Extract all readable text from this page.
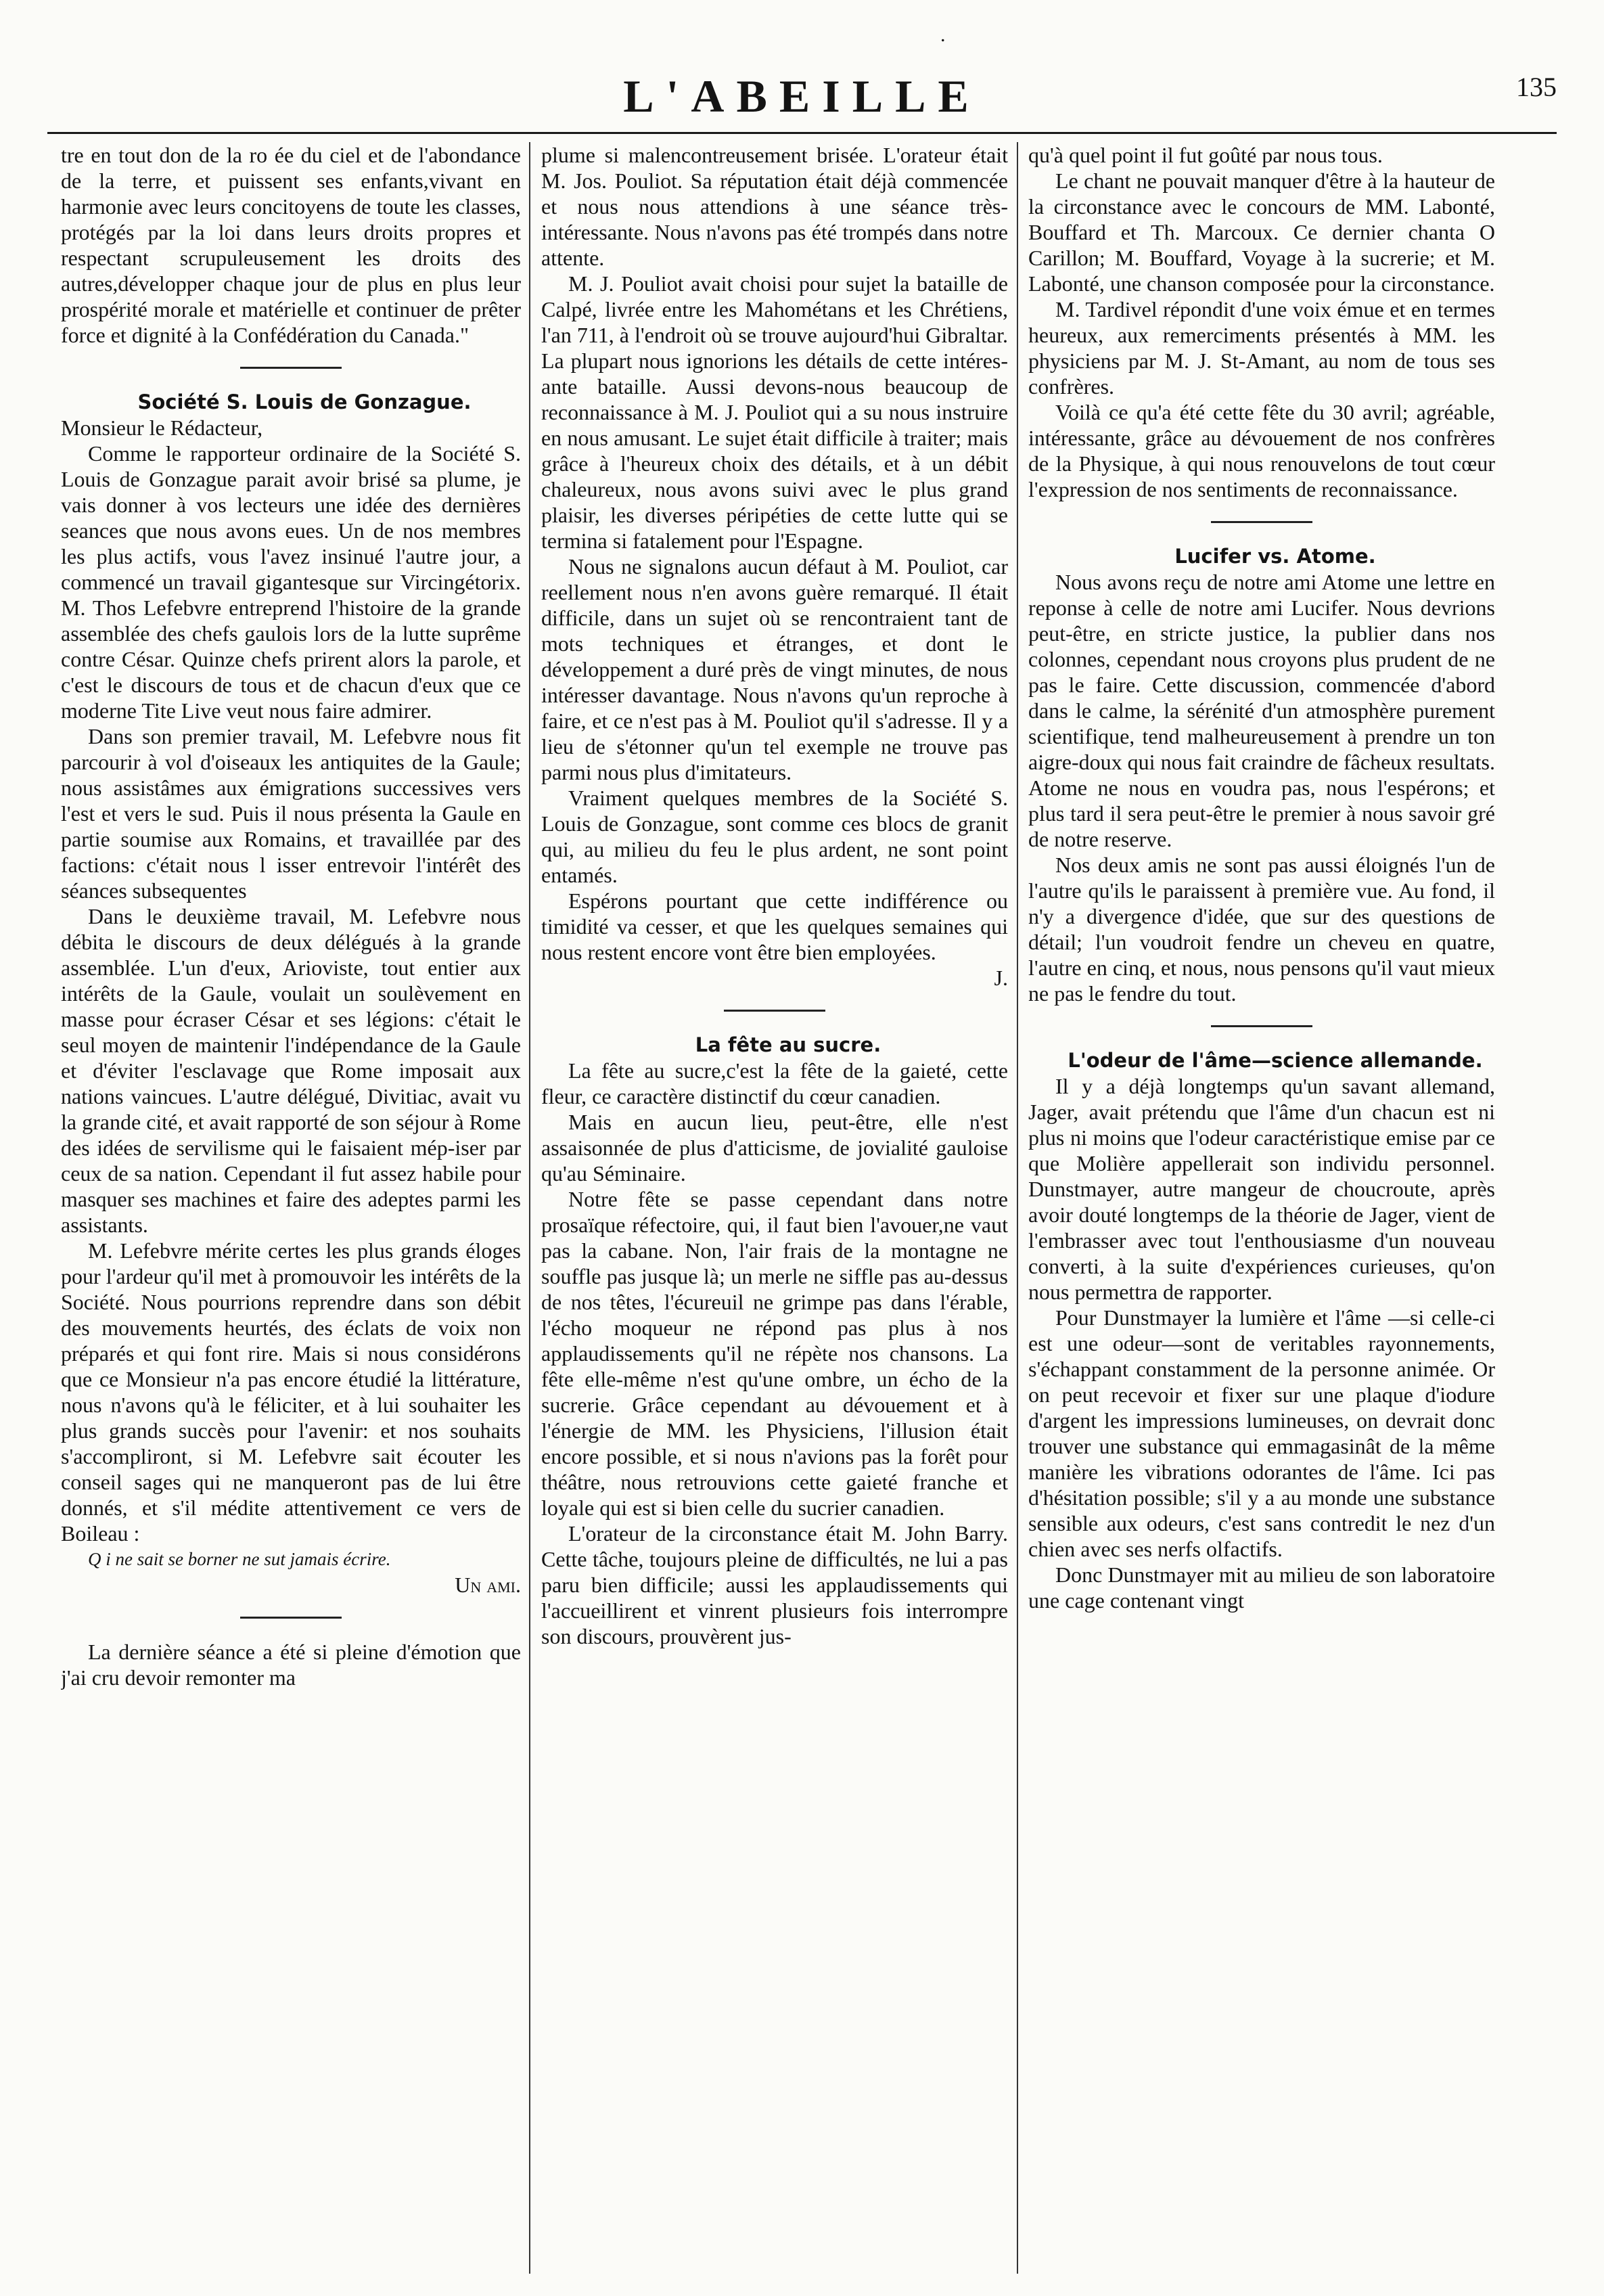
.
L'ABEILLE	135

tre en tout don de la ro ée du ciel et de l'abondance de la terre, et puissent ses enfants,vivant en harmonie avec leurs concitoyens de toute les classes, protégés par la loi dans leurs droits propres et respectant scrupuleusement les droits des autres,développer chaque jour de plus en plus leur prospérité morale et matérielle et continuer de prêter force et dignité à la Confédération du Canada."

Société S. Louis de Gonzague.

Monsieur le Rédacteur,

Comme le rapporteur ordinaire de la Société S. Louis de Gonzague parait avoir brisé sa plume, je vais donner à vos lecteurs une idée des dernières seances que nous avons eues. Un de nos membres les plus actifs, vous l'avez insinué l'autre jour, a commencé un travail gigantesque sur Vircingétorix. M. Thos Lefebvre entreprend l'histoire de la grande assemblée des chefs gaulois lors de la lutte suprême contre César. Quinze chefs prirent alors la parole, et c'est le discours de tous et de chacun d'eux que ce moderne Tite Live veut nous faire admirer.

Dans son premier travail, M. Lefebvre nous fit parcourir à vol d'oiseaux les antiquites de la Gaule; nous assistâmes aux émigrations successives vers l'est et vers le sud. Puis il nous présenta la Gaule en partie soumise aux Romains, et travaillée par des factions: c'était nous l isser entrevoir l'intérêt des séances subsequentes

Dans le deuxième travail, M. Lefebvre nous débita le discours de deux délégués à la grande assemblée. L'un d'eux, Arioviste, tout entier aux intérêts de la Gaule, voulait un soulèvement en masse pour écraser César et ses légions: c'était le seul moyen de maintenir l'indépendance de la Gaule et d'éviter l'esclavage que Rome imposait aux nations vaincues. L'autre délégué, Divitiac, avait vu la grande cité, et avait rapporté de son séjour à Rome des idées de servilisme qui le faisaient mép-iser par ceux de sa nation. Cependant il fut assez habile pour masquer ses machines et faire des adeptes parmi les assistants.

M. Lefebvre mérite certes les plus grands éloges pour l'ardeur qu'il met à promouvoir les intérêts de la Société. Nous pourrions reprendre dans son débit des mouvements heurtés, des éclats de voix non préparés et qui font rire. Mais si nous considérons que ce Monsieur n'a pas encore étudié la littérature, nous n'avons qu'à le féliciter, et à lui souhaiter les plus grands succès pour l'avenir: et nos souhaits s'accompliront, si M. Lefebvre sait écouter les conseil sages qui ne manqueront pas de lui être donnés, et s'il médite attentivement ce vers de Boileau :

Q i ne sait se borner ne sut jamais écrire.

Un ami.

La dernière séance a été si pleine d'émotion que j'ai cru devoir remonter ma

plume si malencontreusement brisée. L'orateur était M. Jos. Pouliot. Sa réputation était déjà commencée et nous nous attendions à une séance très-intéressante. Nous n'avons pas été trompés dans notre attente.

M. J. Pouliot avait choisi pour sujet la bataille de Calpé, livrée entre les Mahométans et les Chrétiens, l'an 711, à l'endroit où se trouve aujourd'hui Gibraltar. La plupart nous ignorions les détails de cette intéres-ante bataille. Aussi devons-nous beaucoup de reconnaissance à M. J. Pouliot qui a su nous instruire en nous amusant. Le sujet était difficile à traiter; mais grâce à l'heureux choix des détails, et à un débit chaleureux, nous avons suivi avec le plus grand plaisir, les diverses péripéties de cette lutte qui se termina si fatalement pour l'Espagne.

Nous ne signalons aucun défaut à M. Pouliot, car reellement nous n'en avons guère remarqué. Il était difficile, dans un sujet où se rencontraient tant de mots techniques et étranges, et dont le développement a duré près de vingt minutes, de nous intéresser davantage. Nous n'avons qu'un reproche à faire, et ce n'est pas à M. Pouliot qu'il s'adresse. Il y a lieu de s'étonner qu'un tel exemple ne trouve pas parmi nous plus d'imitateurs.

Vraiment quelques membres de la Société S. Louis de Gonzague, sont comme ces blocs de granit qui, au milieu du feu le plus ardent, ne sont point entamés.

Espérons pourtant que cette indifférence ou timidité va cesser, et que les quelques semaines qui nous restent encore vont être bien employées.

J.

La fête au sucre.

La fête au sucre,c'est la fête de la gaieté, cette fleur, ce caractère distinctif du cœur canadien.

Mais en aucun lieu, peut-être, elle n'est assaisonnée de plus d'atticisme, de jovialité gauloise qu'au Séminaire.

Notre fête se passe cependant dans notre prosaïque réfectoire, qui, il faut bien l'avouer,ne vaut pas la cabane. Non, l'air frais de la montagne ne souffle pas jusque là; un merle ne siffle pas au-dessus de nos têtes, l'écureuil ne grimpe pas dans l'érable, l'écho moqueur ne répond pas plus à nos applaudissements qu'il ne répète nos chansons. La fête elle-même n'est qu'une ombre, un écho de la sucrerie. Grâce cependant au dévouement et à l'énergie de MM. les Physiciens, l'illusion était encore possible, et si nous n'avions pas la forêt pour théâtre, nous retrouvions cette gaieté franche et loyale qui est si bien celle du sucrier canadien.

L'orateur de la circonstance était M. John Barry. Cette tâche, toujours pleine de difficultés, ne lui a pas paru bien difficile; aussi les applaudissements qui l'accueillirent et vinrent plusieurs fois interrompre son discours, prouvèrent jus-

qu'à quel point il fut goûté par nous tous.

Le chant ne pouvait manquer d'être à la hauteur de la circonstance avec le concours de MM. Labonté, Bouffard et Th. Marcoux. Ce dernier chanta O Carillon; M. Bouffard, Voyage à la sucrerie; et M. Labonté, une chanson composée pour la circonstance.

M. Tardivel répondit d'une voix émue et en termes heureux, aux remerciments présentés à MM. les physiciens par M. J. St-Amant, au nom de tous ses confrères.

Voilà ce qu'a été cette fête du 30 avril; agréable, intéressante, grâce au dévouement de nos confrères de la Physique, à qui nous renouvelons de tout cœur l'expression de nos sentiments de reconnaissance.

Lucifer vs. Atome.

Nous avons reçu de notre ami Atome une lettre en reponse à celle de notre ami Lucifer. Nous devrions peut-être, en stricte justice, la publier dans nos colonnes, cependant nous croyons plus prudent de ne pas le faire. Cette discussion, commencée d'abord dans le calme, la sérénité d'un atmosphère purement scientifique, tend malheureusement à prendre un ton aigre-doux qui nous fait craindre de fâcheux resultats. Atome ne nous en voudra pas, nous l'espérons; et plus tard il sera peut-être le premier à nous savoir gré de notre reserve.

Nos deux amis ne sont pas aussi éloignés l'un de l'autre qu'ils le paraissent à première vue. Au fond, il n'y a divergence d'idée, que sur des questions de détail; l'un voudroit fendre un cheveu en quatre, l'autre en cinq, et nous, nous pensons qu'il vaut mieux ne pas le fendre du tout.

L'odeur de l'âme—science allemande.

Il y a déjà longtemps qu'un savant allemand, Jager, avait prétendu que l'âme d'un chacun est ni plus ni moins que l'odeur caractéristique emise par ce que Molière appellerait son individu personnel. Dunstmayer, autre mangeur de choucroute, après avoir douté longtemps de la théorie de Jager, vient de l'embrasser avec tout l'enthousiasme d'un nouveau converti, à la suite d'expériences curieuses, qu'on nous permettra de rapporter.

Pour Dunstmayer la lumière et l'âme —si celle-ci est une odeur—sont de veritables rayonnements, s'échappant constamment de la personne animée. Or on peut recevoir et fixer sur une plaque d'iodure d'argent les impressions lumineuses, on devrait donc trouver une substance qui emmagasinât de la même manière les vibrations odorantes de l'âme. Ici pas d'hésitation possible; s'il y a au monde une substance sensible aux odeurs, c'est sans contredit le nez d'un chien avec ses nerfs olfactifs.

Donc Dunstmayer mit au milieu de son laboratoire une cage contenant vingt
